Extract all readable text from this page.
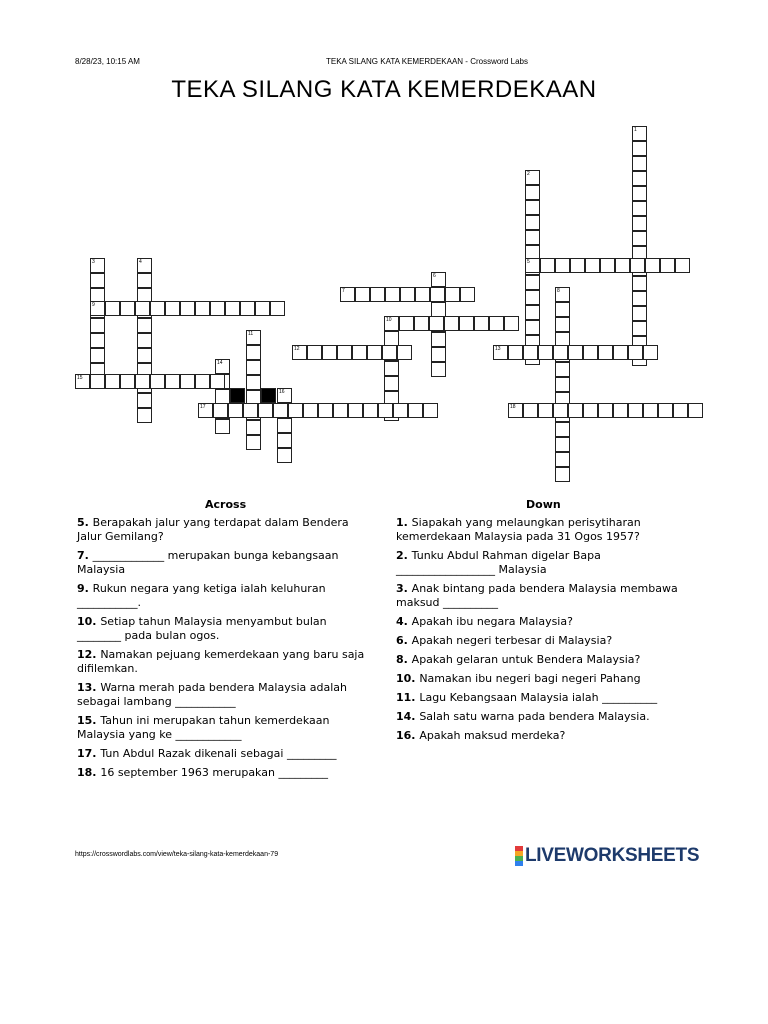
8/28/23, 10:15 AM	TEKA SILANG KATA KEMERDEKAAN - Crossword Labs
TEKA SILANG KATA KEMERDEKAAN
1
2
3	4	5
6
7	8
9
10
11
12	13
14
15
16
17	18
Across	Down
5. Berapakah jalur yang terdapat dalam Bendera Jalur Gemilang?
7. _____________ merupakan bunga kebangsaan Malaysia
9. Rukun negara yang ketiga ialah keluhuran ___________.
10. Setiap tahun Malaysia menyambut bulan ________ pada bulan ogos.
12. Namakan pejuang kemerdekaan yang baru saja difilemkan.
13. Warna merah pada bendera Malaysia adalah sebagai lambang ___________
15. Tahun ini merupakan tahun kemerdekaan Malaysia yang ke ____________
17. Tun Abdul Razak dikenali sebagai _________
18. 16 september 1963 merupakan _________
1. Siapakah yang melaungkan perisytiharan kemerdekaan Malaysia pada 31 Ogos 1957?
2. Tunku Abdul Rahman digelar Bapa __________________ Malaysia
3. Anak bintang pada bendera Malaysia membawa maksud __________
4. Apakah ibu negara Malaysia?
6. Apakah negeri terbesar di Malaysia?
8. Apakah gelaran untuk Bendera Malaysia?
10. Namakan ibu negeri bagi negeri Pahang
11. Lagu Kebangsaan Malaysia ialah __________
14. Salah satu warna pada bendera Malaysia.
16. Apakah maksud merdeka?
https://crosswordlabs.com/view/teka-silang-kata-kemerdekaan-79	LIVEWORKSHEETS
